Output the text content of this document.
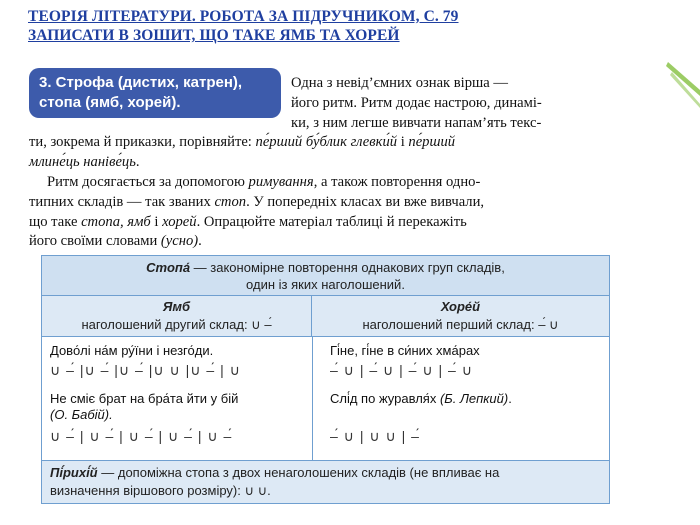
ТЕОРІЯ ЛІТЕРАТУРИ. РОБОТА ЗА ПІДРУЧНИКОМ, С. 79
ЗАПИСАТИ В ЗОШИТ, ЩО ТАКЕ ЯМБ ТА ХОРЕЙ
3. Строфа (дистих, катрен),
стопа (ямб, хорей).
Одна з невід’ємних ознак вірша —
його ритм. Ритм додає настрою, динамі-
ки, з ним легше вивчати напам’ять текс-
ти, зокрема й приказки, порівняйте: пе́рший бу́блик глевки́й і пе́рший
млине́ць наніве́ць.
Ритм досягається за допомогою римування, а також повторення одно-
типних складів — так званих стоп. У попередніх класах ви вже вивчали,
що таке стопа, ямб і хорей. Опрацюйте матеріал таблиці й перекажіть
його своїми словами (усно).
Стопа́ — закономірне повторення однакових груп складів,
один із яких наголошений.
Ямб
наголошений другий склад: ∪ –́
Хоре́й
наголошений перший склад: –́ ∪
Дово́лі на́м ру́їни і незго́ди.
∪ –́ |∪ –́ |∪ –́ |∪ ∪ |∪ –́ | ∪
Не сміє брат на бра́та йти у бій
(О. Бабій).
∪ –́ | ∪ –́ | ∪ –́ | ∪ –́ | ∪ –́
Гі́не, гі́не в си́них хма́рах
–́ ∪ | –́ ∪ | –́ ∪ | –́ ∪
Слі́д по журавля́х (Б. Лепкий).
–́ ∪ | ∪ ∪ | –́
Пі́рихі́й — допоміжна стопа з двох ненаголошених складів (не впливає на
визначення віршового розміру): ∪ ∪.
